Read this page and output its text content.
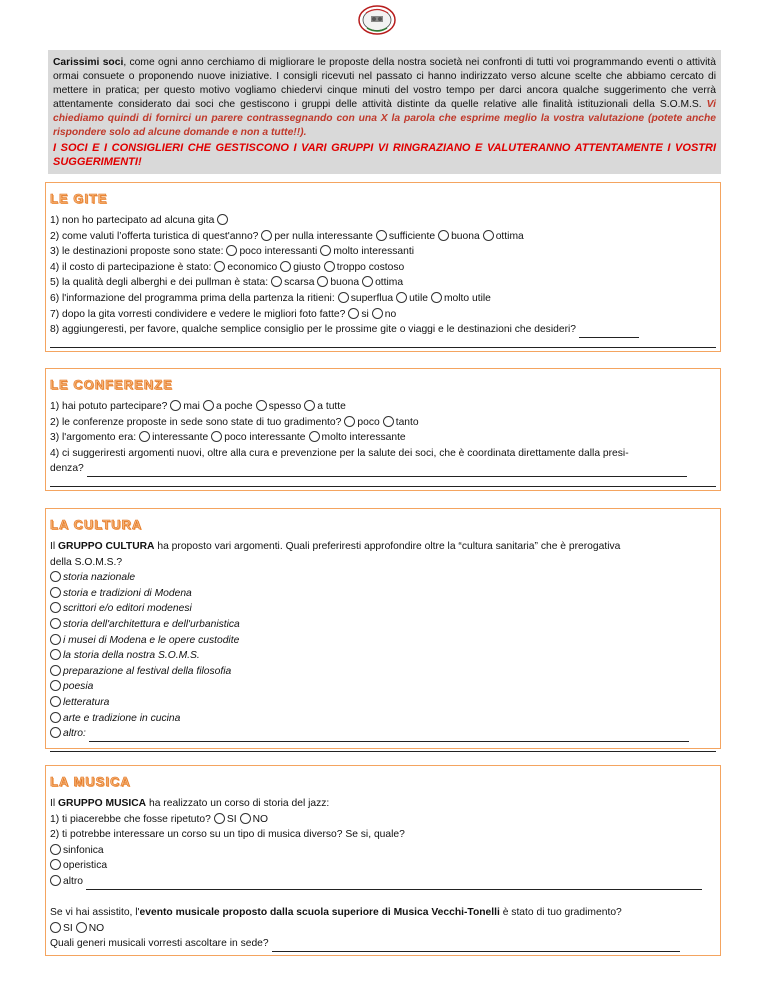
Carissimi soci, come ogni anno cerchiamo di migliorare le proposte della nostra società nei confronti di tutti voi programmando eventi o attività ormai consuete o proponendo nuove iniziative. I consigli ricevuti nel passato ci hanno indirizzato verso alcune scelte che abbiamo cercato di mettere in pratica; per questo motivo vogliamo chiedervi cinque minuti del vostro tempo per darci ancora qualche suggerimento che verrà attentamente considerato dai soci che gestiscono i gruppi delle attività distinte da quelle relative alle finalità istituzionali della S.O.M.S. Vi chiediamo quindi di fornirci un parere contrassegnando con una X la parola che esprime meglio la vostra valutazione (potete anche rispondere solo ad alcune domande e non a tutte!!).
I SOCI E I CONSIGLIERI CHE GESTISCONO I VARI GRUPPI VI RINGRAZIANO E VALUTERANNO ATTENTAMENTE I VOSTRI SUGGERIMENTI!
LE GITE
1) non ho partecipato ad alcuna gita
2) come valuti l’offerta turistica di quest'anno? per nulla interessante sufficiente buona ottima
3) le destinazioni proposte sono state: poco interessanti molto interessanti
4) il costo di partecipazione è stato: economico giusto troppo costoso
5) la qualità degli alberghi e dei pullman è stata: scarsa buona ottima
6) l'informazione del programma prima della partenza la ritieni: superflua utile molto utile
7) dopo la gita vorresti condividere e vedere le migliori foto fatte? si no
8) aggiungeresti, per favore, qualche semplice consiglio per le prossime gite o viaggi e le destinazioni che desideri?
LE CONFERENZE
1) hai potuto partecipare? mai a poche spesso a tutte
2) le conferenze proposte in sede sono state di tuo gradimento? poco tanto
3) l'argomento era: interessante poco interessante molto interessante
4) ci suggeriresti argomenti nuovi, oltre alla cura e prevenzione per la salute dei soci, che è coordinata direttamente dalla presi-
denza?
LA CULTURA
Il GRUPPO CULTURA ha proposto vari argomenti. Quali preferiresti approfondire oltre la “cultura sanitaria” che è prerogativa
della S.O.M.S.?
storia nazionale
storia e tradizioni di Modena
scrittori e/o editori modenesi
storia dell'architettura e dell'urbanistica
i musei di Modena e le opere custodite
la storia della nostra S.O.M.S.
preparazione al festival della filosofia
poesia
letteratura
arte e tradizione in cucina
altro:
LA MUSICA
Il GRUPPO MUSICA ha realizzato un corso di storia del jazz:
1) ti piacerebbe che fosse ripetuto? SI NO
2) ti potrebbe interessare un corso su un tipo di musica diverso? Se si, quale?
sinfonica
operistica
altro
Se vi hai assistito, l'evento musicale proposto dalla scuola superiore di Musica Vecchi-Tonelli è stato di tuo gradimento?
SI NO
Quali generi musicali vorresti ascoltare in sede?
